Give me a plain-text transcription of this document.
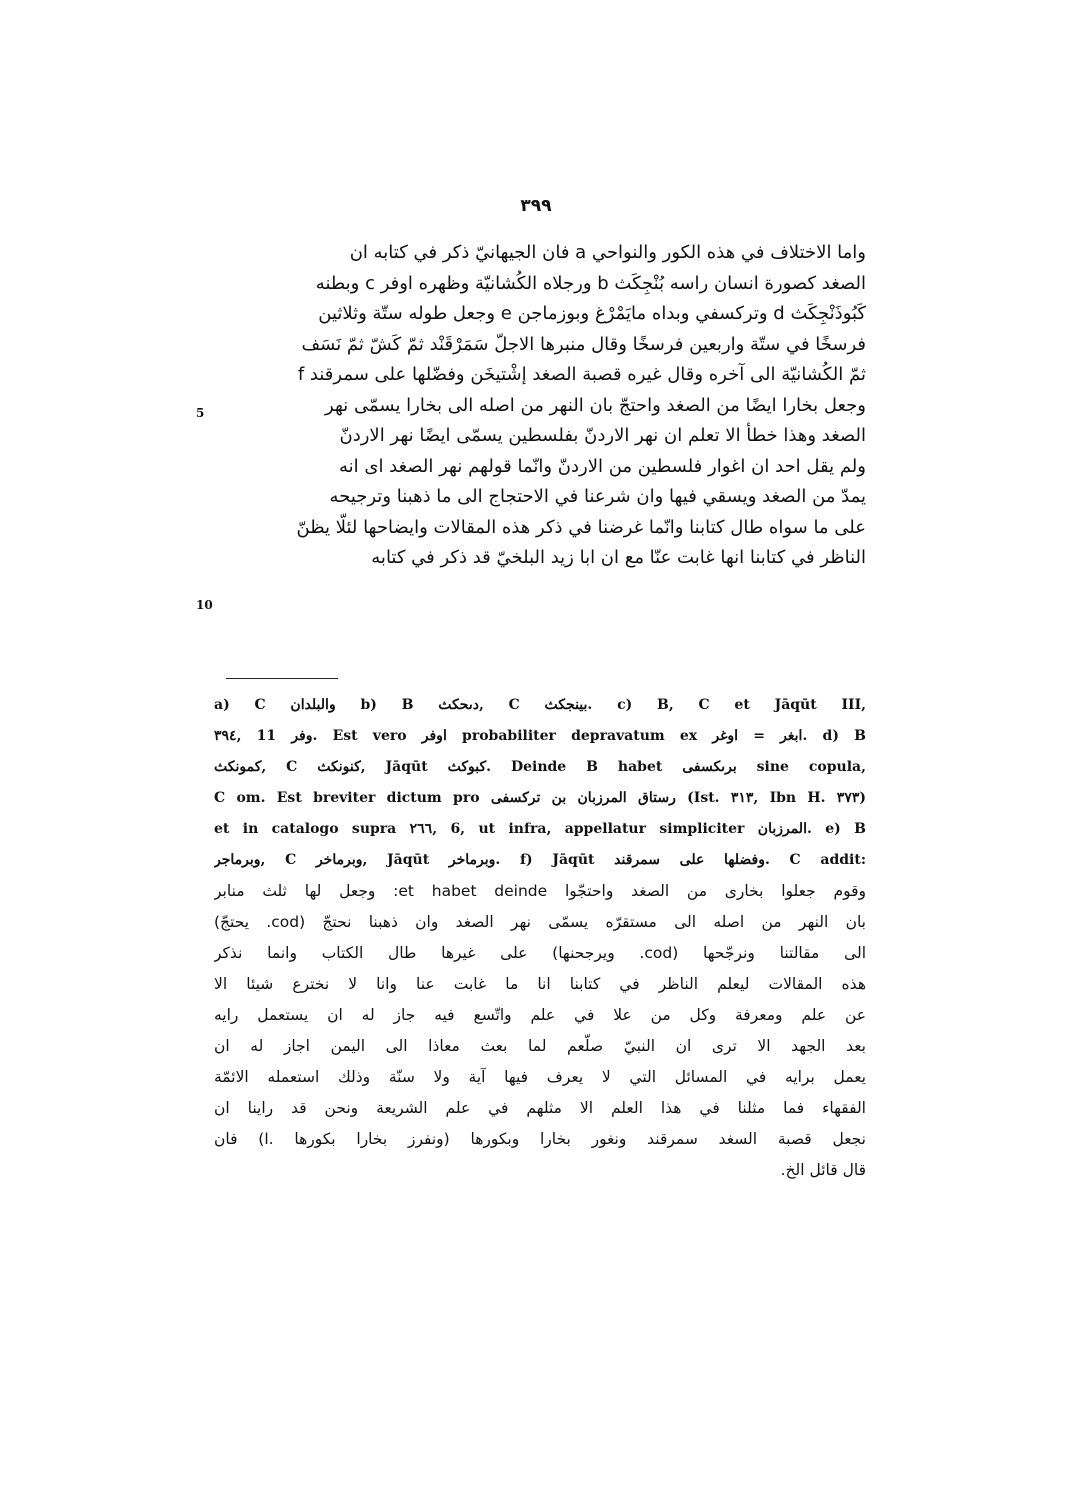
٣٩٩
5
10
واما الاختلاف في هذه الكور والنواحي a فان الجيهانيّ ذكر في كتابه ان
الصغد كصورة انسان راسه بُنْجِكَث b ورجلاه الكُشانيّة وظهره اوفر c وبطنه
كَبُوذَنْجِكَث d وتركسفي وبداه مايَمْرْغ وبوزماجن e وجعل طوله ستّة وثلاثين
فرسخًا في ستّة واربعين فرسخًا وقال منبرها الاجلّ سَمَرْقَنْد ثمّ كَشّ ثمّ نَسَف
ثمّ الكُشانيّة الى آخره وقال غيره قصبة الصغد إشْتيخَن وفضّلها على سمرقند f
وجعل بخارا ايضًا من الصغد واحتجّ بان النهر من اصله الى بخارا يسمّى نهر
الصغد وهذا خطأ الا تعلم ان نهر الاردنّ بفلسطين يسمّى ايضًا نهر الاردنّ
ولم يقل احد ان اغوار فلسطين من الاردنّ وانّما قولهم نهر الصغد اى انه
يمدّ من الصغد ويسقي فيها وان شرعنا في الاحتجاج الى ما ذهبنا وترجيحه
على ما سواه طال كتابنا وانّما غرضنا في ذكر هذه المقالات وايضاحها لئلّا يظنّ
الناظر في كتابنا انها غابت عنّا مع ان ابا زيد البلخيّ قد ذكر في كتابه
a) C والبلدان b) B دىحكث, C بينجكث. c) B, C et Jāqūt III,
٣٩٤, 11 وفر. Est vero اوفر probabiliter depravatum ex ابغر = اوغر. d) B
كمونكث, C كنونكث, Jāqūt كبوكث. Deinde B habet برىكسفى sine copula,
C om. Est breviter dictum pro رستاق المرزبان بن تركسفى (Ist. ٣١٣, Ibn H. ٣٧٣)
et in catalogo supra ٢٦٦, 6, ut infra, appellatur simpliciter المرزبان. e) B
وبرماجر, C وبرماخر, Jāqūt وبرماخر. f) Jāqūt وفضلها على سمرقند. C addit:
وقوم جعلوا بخارى من الصغد واحتجّوا et habet deinde: وجعل لها ثلث منابر
بان النهر من اصله الى مستقرّه يسمّى نهر الصغد وان ذهبنا نحتجّ (cod. يحتجّ)
الى مقالتنا ونرجّحها (cod. ويرجحنها) على غيرها طال الكتاب وانما نذكر
هذه المقالات ليعلم الناظر في كتابنا انا ما غابت عنا وانا لا نخترع شيئا الا
عن علم ومعرفة وكل من علا في علم واتّسع فيه جاز له ان يستعمل رايه
بعد الجهد الا ترى ان النبيّ صلّعم لما بعث معاذا الى اليمن اجاز له ان
يعمل برايه في المسائل التي لا يعرف فيها آية ولا سنّة وذلك استعمله الائمّة
الفقهاء فما مثلنا في هذا العلم الا مثلهم في علم الشريعة ونحن قد راينا ان
نجعل قصبة السغد سمرقند ونغور بخارا وبكورها (ونفرز بخارا بكورها .l) فان
قال قائل الخ.
